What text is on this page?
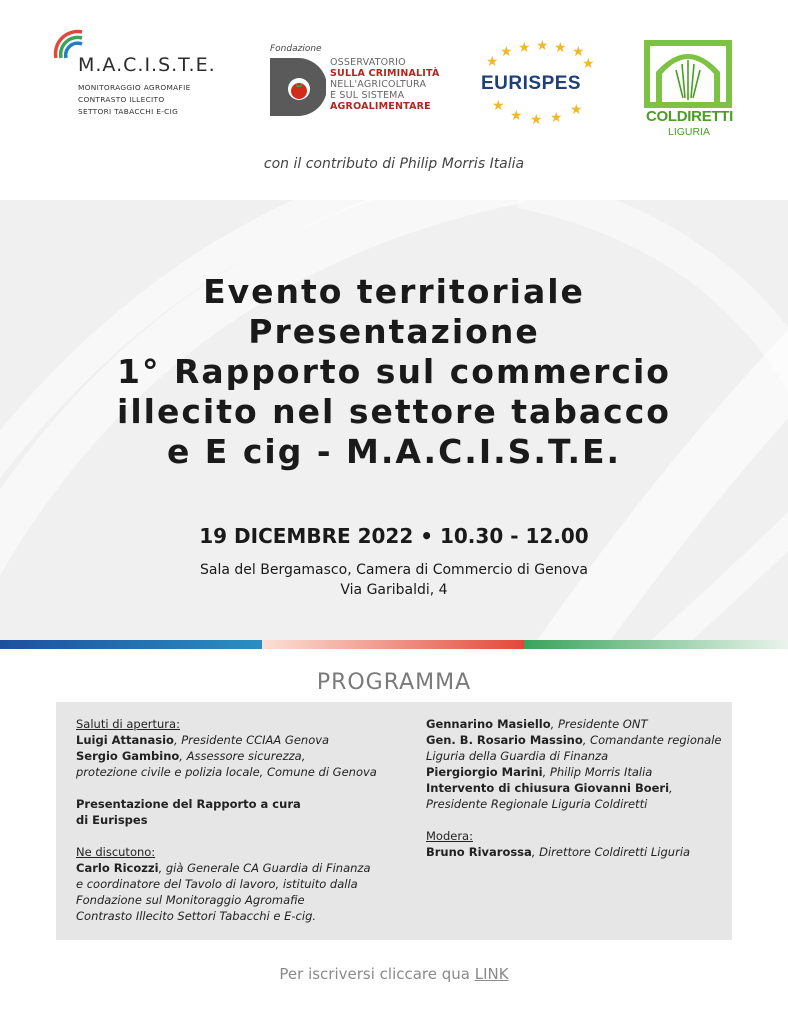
M.A.C.I.S.T.E.
MONITORAGGIO AGROMAFIE
CONTRASTO ILLECITO
SETTORI TABACCHI E-CIG
Fondazione
OSSERVATORIO
SULLA CRIMINALITÀ
NELL'AGRICOLTURA
E SUL SISTEMA
AGROALIMENTARE
★ ★ ★ ★ ★
★	★
★
★ ★ ★ ★
EURISPES
COLDIRETTI
LIGURIA
con il contributo di Philip Morris Italia
Evento territoriale
Presentazione
1° Rapporto sul commercio
illecito nel settore tabacco
e E cig - M.A.C.I.S.T.E.
19 DICEMBRE 2022 • 10.30 - 12.00
Sala del Bergamasco, Camera di Commercio di Genova
Via Garibaldi, 4
PROGRAMMA
Saluti di apertura:
Luigi Attanasio, Presidente CCIAA Genova
Sergio Gambino, Assessore sicurezza,
protezione civile e polizia locale, Comune di Genova
Presentazione del Rapporto a cura
di Eurispes
Ne discutono:
Carlo Ricozzi, già Generale CA Guardia di Finanza
e coordinatore del Tavolo di lavoro, istituito dalla
Fondazione sul Monitoraggio Agromafie
Contrasto Illecito Settori Tabacchi e E-cig.
Gennarino Masiello, Presidente ONT
Gen. B. Rosario Massino, Comandante regionale
Liguria della Guardia di Finanza
Piergiorgio Marini, Philip Morris Italia
Intervento di chiusura Giovanni Boeri,
Presidente Regionale Liguria Coldiretti
Modera:
Bruno Rivarossa, Direttore Coldiretti Liguria
Per iscriversi cliccare qua LINK
